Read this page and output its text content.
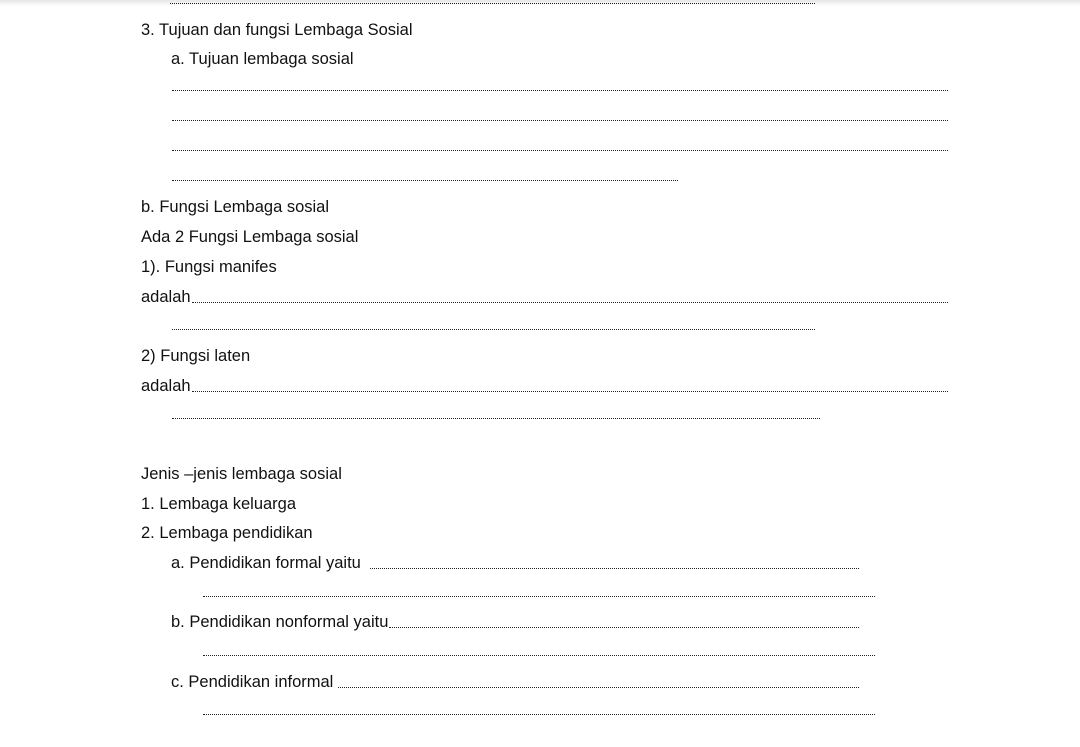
3. Tujuan dan fungsi Lembaga Sosial
a. Tujuan lembaga sosial
b. Fungsi Lembaga sosial
Ada 2 Fungsi Lembaga sosial
1). Fungsi manifes
adalah
2) Fungsi laten
adalah
Jenis –jenis lembaga sosial
1. Lembaga keluarga
2. Lembaga pendidikan
a. Pendidikan formal yaitu
b. Pendidikan nonformal yaitu
c. Pendidikan informal
